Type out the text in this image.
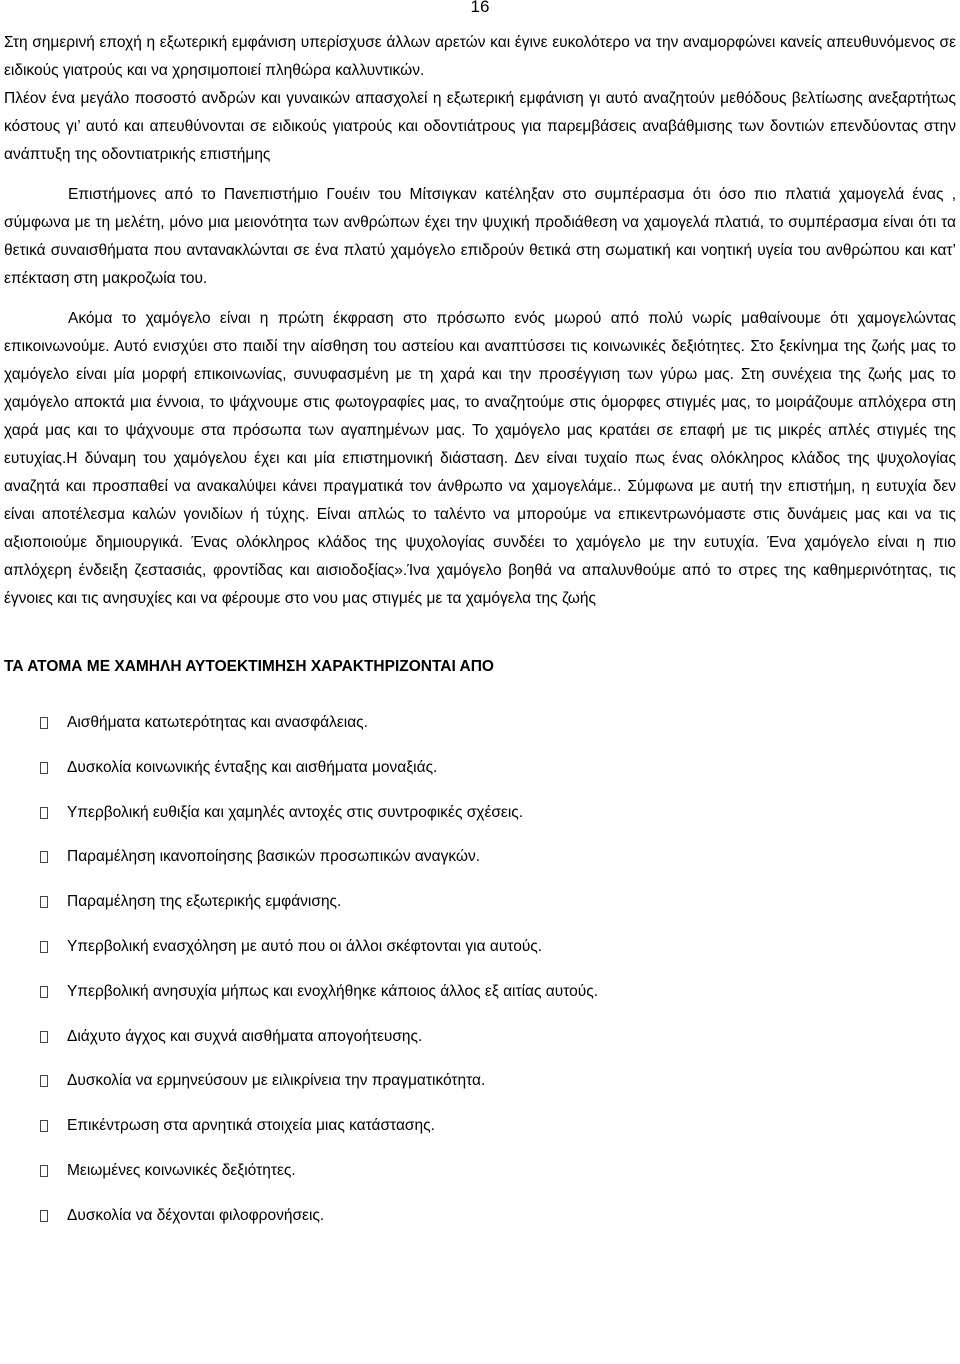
16

Στη σημερινή εποχή η εξωτερική εμφάνιση υπερίσχυσε άλλων αρετών και έγινε ευκολότερο να την αναμορφώνει κανείς απευθυνόμενος σε ειδικούς γιατρούς και να χρησιμοποιεί πληθώρα καλλυντικών.

Πλέον ένα μεγάλο ποσοστό ανδρών και γυναικών απασχολεί η εξωτερική εμφάνιση γι αυτό αναζητούν μεθόδους βελτίωσης ανεξαρτήτως κόστους γι’ αυτό και απευθύνονται σε ειδικούς γιατρούς και οδοντιάτρους για παρεμβάσεις αναβάθμισης των δοντιών επενδύοντας στην ανάπτυξη της οδοντιατρικής επιστήμης

Επιστήμονες από το Πανεπιστήμιο Γουέιν του Μίτσιγκαν κατέληξαν στο συμπέρασμα ότι όσο πιο πλατιά χαμογελά ένας , σύμφωνα με τη μελέτη, μόνο μια μειονότητα των ανθρώπων έχει την ψυχική προδιάθεση να χαμογελά πλατιά, το συμπέρασμα είναι ότι τα θετικά συναισθήματα που αντανακλώνται σε ένα πλατύ χαμόγελο επιδρούν θετικά στη σωματική και νοητική υγεία του ανθρώπου και κατ’ επέκταση στη μακροζωία του.

Ακόμα το χαμόγελο είναι η πρώτη έκφραση στο πρόσωπο ενός μωρού από πολύ νωρίς μαθαίνουμε ότι χαμογελώντας επικοινωνούμε. Αυτό ενισχύει στο παιδί την αίσθηση του αστείου και αναπτύσσει τις κοινωνικές δεξιότητες. Στο ξεκίνημα της ζωής μας το χαμόγελο είναι μία μορφή επικοινωνίας, συνυφασμένη με τη χαρά και την προσέγγιση των γύρω μας. Στη συνέχεια της ζωής μας το χαμόγελο αποκτά μια έννοια, το ψάχνουμε στις φωτογραφίες μας, το αναζητούμε στις όμορφες στιγμές μας, το μοιράζουμε απλόχερα στη χαρά μας και το ψάχνουμε στα πρόσωπα των αγαπημένων μας. Το χαμόγελο μας κρατάει σε επαφή με τις μικρές απλές στιγμές της ευτυχίας.Η δύναμη του χαμόγελου έχει και μία επιστημονική διάσταση. Δεν είναι τυχαίο πως ένας ολόκληρος κλάδος της ψυχολογίας αναζητά και προσπαθεί να ανακαλύψει κάνει πραγματικά τον άνθρωπο να χαμογελάμε.. Σύμφωνα με αυτή την επιστήμη, η ευτυχία δεν είναι αποτέλεσμα καλών γονιδίων ή τύχης. Είναι απλώς το ταλέντο να μπορούμε να επικεντρωνόμαστε στις δυνάμεις μας και να τις αξιοποιούμε δημιουργικά. Ένας ολόκληρος κλάδος της ψυχολογίας συνδέει το χαμόγελο με την ευτυχία. Ένα χαμόγελο είναι η πιο απλόχερη ένδειξη ζεστασιάς, φροντίδας και αισιοδοξίας».Ίνα χαμόγελο βοηθά να απαλυνθούμε από το στρες της καθημερινότητας, τις έγνοιες και τις ανησυχίες και να φέρουμε στο νου μας στιγμές με τα χαμόγελα της ζωής

ΤΑ ΑΤΟΜΑ ΜΕ ΧΑΜΗΛΗ ΑΥΤΟΕΚΤΙΜΗΣΗ ΧΑΡΑΚΤΗΡΙΖΟΝΤΑΙ ΑΠΟ
Αισθήματα κατωτερότητας και ανασφάλειας.
Δυσκολία κοινωνικής ένταξης και αισθήματα μοναξιάς.
Υπερβολική ευθιξία και χαμηλές αντοχές στις συντροφικές σχέσεις.
Παραμέληση ικανοποίησης βασικών προσωπικών αναγκών.
Παραμέληση της εξωτερικής εμφάνισης.
Υπερβολική ενασχόληση με αυτό που οι άλλοι σκέφτονται για αυτούς.
Υπερβολική ανησυχία μήπως και ενοχλήθηκε κάποιος άλλος εξ αιτίας αυτούς.
Διάχυτο άγχος και συχνά αισθήματα απογοήτευσης.
Δυσκολία να ερμηνεύσουν με ειλικρίνεια την πραγματικότητα.
Επικέντρωση στα αρνητικά στοιχεία μιας κατάστασης.
Μειωμένες κοινωνικές δεξιότητες.
Δυσκολία να δέχονται φιλοφρονήσεις.
